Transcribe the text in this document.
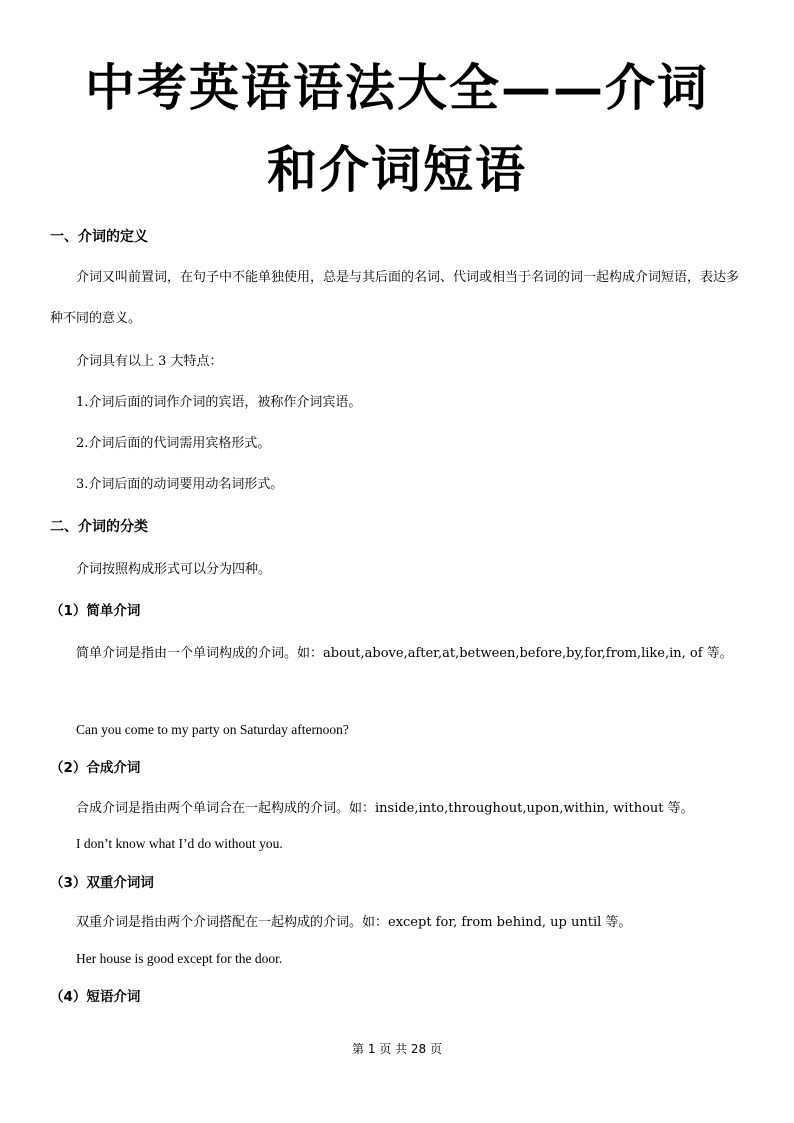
中考英语语法大全——介词
和介词短语
一、介词的定义

介词又叫前置词，在句子中不能单独使用，总是与其后面的名词、代词或相当于名词的词一起构成介词短语，表达多种不同的意义。

介词具有以上 3 大特点：

1.介词后面的词作介词的宾语，被称作介词宾语。

2.介词后面的代词需用宾格形式。

3.介词后面的动词要用动名词形式。

二、介词的分类

介词按照构成形式可以分为四种。

（1）简单介词

简单介词是指由一个单词构成的介词。如：about,above,after,at,between,before,by,for,from,like,in, of 等。

Can you come to my party on Saturday afternoon?

（2）合成介词

合成介词是指由两个单词合在一起构成的介词。如：inside,into,throughout,upon,within, without 等。

I don’t know what I’d do without you.

（3）双重介词词

双重介词是指由两个介词搭配在一起构成的介词。如：except for, from behind, up until 等。

Her house is good except for the door.

（4）短语介词
第 1 页 共 28 页
